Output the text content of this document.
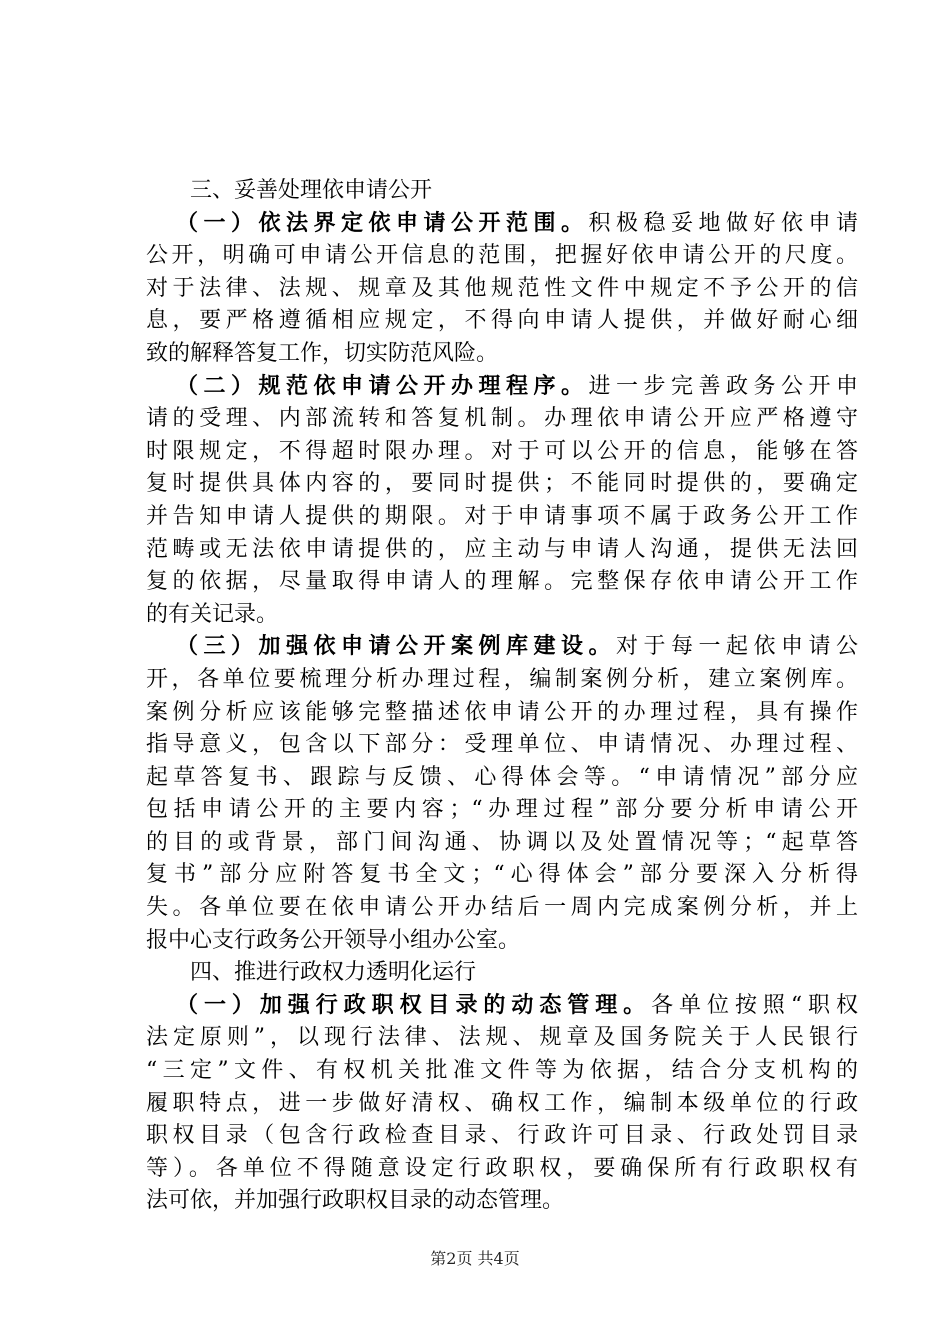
三、妥善处理依申请公开
（一）依法界定依申请公开范围。积极稳妥地做好依申请
公开，明确可申请公开信息的范围，把握好依申请公开的尺度。
对于法律、法规、规章及其他规范性文件中规定不予公开的信
息，要严格遵循相应规定，不得向申请人提供，并做好耐心细
致的解释答复工作，切实防范风险。
（二）规范依申请公开办理程序。进一步完善政务公开申
请的受理、内部流转和答复机制。办理依申请公开应严格遵守
时限规定，不得超时限办理。对于可以公开的信息，能够在答
复时提供具体内容的，要同时提供；不能同时提供的，要确定
并告知申请人提供的期限。对于申请事项不属于政务公开工作
范畴或无法依申请提供的，应主动与申请人沟通，提供无法回
复的依据，尽量取得申请人的理解。完整保存依申请公开工作
的有关记录。
（三）加强依申请公开案例库建设。对于每一起依申请公
开，各单位要梳理分析办理过程，编制案例分析，建立案例库。
案例分析应该能够完整描述依申请公开的办理过程，具有操作
指导意义，包含以下部分：受理单位、申请情况、办理过程、
起草答复书、跟踪与反馈、心得体会等。“申请情况”部分应
包括申请公开的主要内容；“办理过程”部分要分析申请公开
的目的或背景，部门间沟通、协调以及处置情况等；“起草答
复书”部分应附答复书全文；“心得体会”部分要深入分析得
失。各单位要在依申请公开办结后一周内完成案例分析，并上
报中心支行政务公开领导小组办公室。
四、推进行政权力透明化运行
（一）加强行政职权目录的动态管理。各单位按照“职权
法定原则”，以现行法律、法规、规章及国务院关于人民银行
“三定”文件、有权机关批准文件等为依据，结合分支机构的
履职特点，进一步做好清权、确权工作，编制本级单位的行政
职权目录（包含行政检查目录、行政许可目录、行政处罚目录
等）。各单位不得随意设定行政职权，要确保所有行政职权有
法可依，并加强行政职权目录的动态管理。
第2页 共4页
